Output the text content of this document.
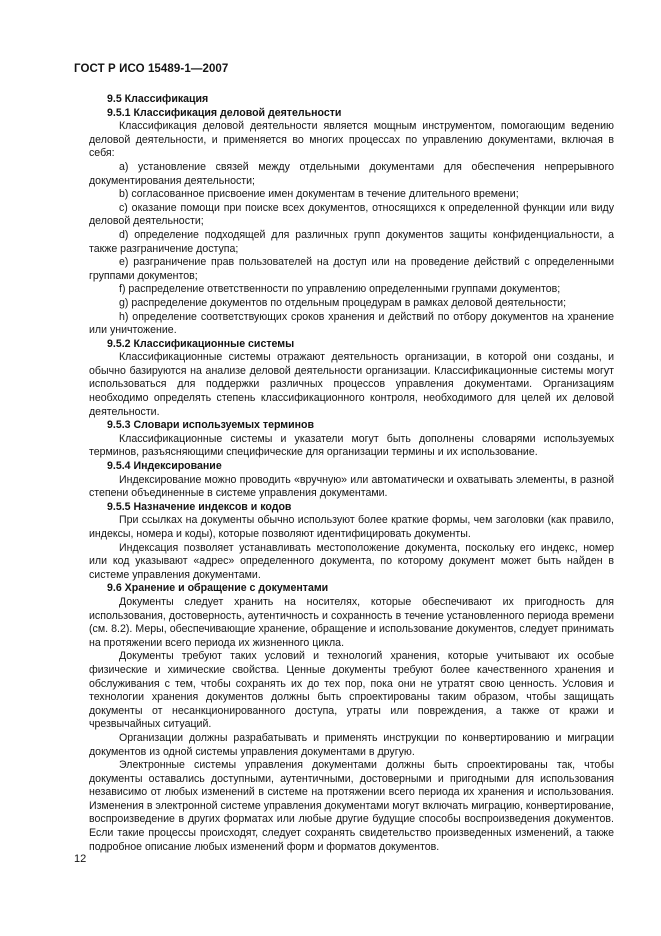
ГОСТ Р ИСО 15489-1—2007

9.5 Классификация

9.5.1 Классификация деловой деятельности

Классификация деловой деятельности является мощным инструментом, помогающим ведению деловой деятельности, и применяется во многих процессах по управлению документами, включая в себя:

a) установление связей между отдельными документами для обеспечения непрерывного документирования деятельности;

b) согласованное присвоение имен документам в течение длительного времени;

c) оказание помощи при поиске всех документов, относящихся к определенной функции или виду деловой деятельности;

d) определение подходящей для различных групп документов защиты конфиденциальности, а также разграничение доступа;

e) разграничение прав пользователей на доступ или на проведение действий с определенными группами документов;

f) распределение ответственности по управлению определенными группами документов;

g) распределение документов по отдельным процедурам в рамках деловой деятельности;

h) определение соответствующих сроков хранения и действий по отбору документов на хранение или уничтожение.

9.5.2 Классификационные системы

Классификационные системы отражают деятельность организации, в которой они созданы, и обычно базируются на анализе деловой деятельности организации. Классификационные системы могут использоваться для поддержки различных процессов управления документами. Организациям необходимо определять степень классификационного контроля, необходимого для целей их деловой деятельности.

9.5.3 Словари используемых терминов

Классификационные системы и указатели могут быть дополнены словарями используемых терминов, разъясняющими специфические для организации термины и их использование.

9.5.4 Индексирование

Индексирование можно проводить «вручную» или автоматически и охватывать элементы, в разной степени объединенные в системе управления документами.

9.5.5 Назначение индексов и кодов

При ссылках на документы обычно используют более краткие формы, чем заголовки (как правило, индексы, номера и коды), которые позволяют идентифицировать документы.

Индексация позволяет устанавливать местоположение документа, поскольку его индекс, номер или код указывают «адрес» определенного документа, по которому документ может быть найден в системе управления документами.

9.6 Хранение и обращение с документами

Документы следует хранить на носителях, которые обеспечивают их пригодность для использования, достоверность, аутентичность и сохранность в течение установленного периода времени (см. 8.2). Меры, обеспечивающие хранение, обращение и использование документов, следует принимать на протяжении всего периода их жизненного цикла.

Документы требуют таких условий и технологий хранения, которые учитывают их особые физические и химические свойства. Ценные документы требуют более качественного хранения и обслуживания с тем, чтобы сохранять их до тех пор, пока они не утратят свою ценность. Условия и технологии хранения документов должны быть спроектированы таким образом, чтобы защищать документы от несанкционированного доступа, утраты или повреждения, а также от кражи и чрезвычайных ситуаций.

Организации должны разрабатывать и применять инструкции по конвертированию и миграции документов из одной системы управления документами в другую.

Электронные системы управления документами должны быть спроектированы так, чтобы документы оставались доступными, аутентичными, достоверными и пригодными для использования независимо от любых изменений в системе на протяжении всего периода их хранения и использования. Изменения в электронной системе управления документами могут включать миграцию, конвертирование, воспроизведение в других форматах или любые другие будущие способы воспроизведения документов. Если такие процессы происходят, следует сохранять свидетельство произведенных изменений, а также подробное описание любых изменений форм и форматов документов.

12
